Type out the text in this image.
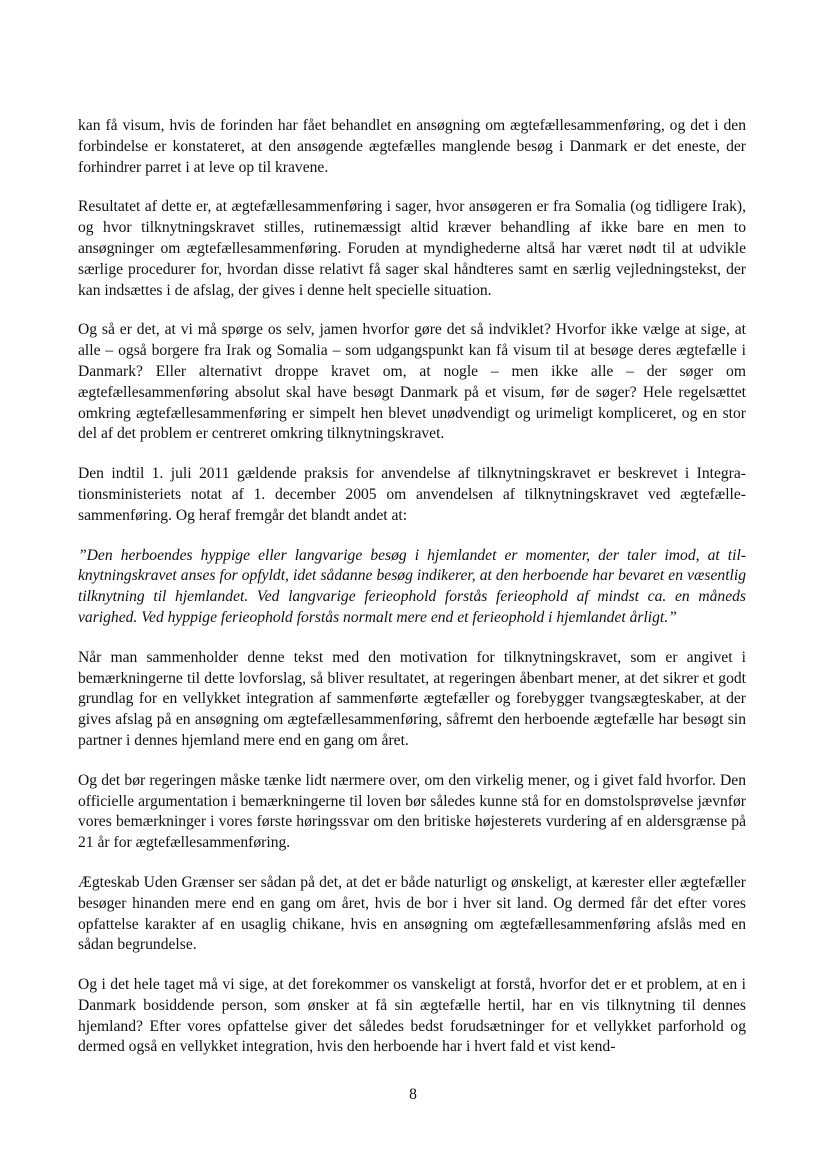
kan få visum, hvis de forinden har fået behandlet en ansøgning om ægtefællesammenføring, og det i den forbindelse er konstateret, at den ansøgende ægtefælles manglende besøg i Danmark er det eneste, der forhindrer parret i at leve op til kravene.

Resultatet af dette er, at ægtefællesammenføring i sager, hvor ansøgeren er fra Somalia (og tidligere Irak), og hvor tilknytningskravet stilles, rutinemæssigt altid kræver behandling af ikke bare en men to ansøgninger om ægtefællesammenføring. Foruden at myndighederne altså har været nødt til at udvikle særlige procedurer for, hvordan disse relativt få sager skal håndteres samt en særlig vejledningstekst, der kan indsættes i de afslag, der gives i denne helt specielle situation.

Og så er det, at vi må spørge os selv, jamen hvorfor gøre det så indviklet? Hvorfor ikke vælge at sige, at alle – også borgere fra Irak og Somalia – som udgangspunkt kan få visum til at besøge deres ægtefælle i Danmark? Eller alternativt droppe kravet om, at nogle – men ikke alle – der søger om ægtefællesammenføring absolut skal have besøgt Danmark på et visum, før de søger? Hele regelsættet omkring ægtefællesammenføring er simpelt hen blevet unødvendigt og urimeligt kompliceret, og en stor del af det problem er centreret omkring tilknytningskravet.

Den indtil 1. juli 2011 gældende praksis for anvendelse af tilknytningskravet er beskrevet i Integrationsministeriets notat af 1. december 2005 om anvendelsen af tilknytningskravet ved ægtefællesammenføring. Og heraf fremgår det blandt andet at:

”Den herboendes hyppige eller langvarige besøg i hjemlandet er momenter, der taler imod, at tilknytningskravet anses for opfyldt, idet sådanne besøg indikerer, at den herboende har bevaret en væsentlig tilknytning til hjemlandet. Ved langvarige ferieophold forstås ferieophold af mindst ca. en måneds varighed. Ved hyppige ferieophold forstås normalt mere end et ferieophold i hjemlandet årligt.”

Når man sammenholder denne tekst med den motivation for tilknytningskravet, som er angivet i bemærkningerne til dette lovforslag, så bliver resultatet, at regeringen åbenbart mener, at det sikrer et godt grundlag for en vellykket integration af sammenførte ægtefæller og forebygger tvangsægteskaber, at der gives afslag på en ansøgning om ægtefællesammenføring, såfremt den herboende ægtefælle har besøgt sin partner i dennes hjemland mere end en gang om året.

Og det bør regeringen måske tænke lidt nærmere over, om den virkelig mener, og i givet fald hvorfor. Den officielle argumentation i bemærkningerne til loven bør således kunne stå for en domstolsprøvelse jævnfør vores bemærkninger i vores første høringssvar om den britiske højesterets vurdering af en aldersgrænse på 21 år for ægtefællesammenføring.

Ægteskab Uden Grænser ser sådan på det, at det er både naturligt og ønskeligt, at kærester eller ægtefæller besøger hinanden mere end en gang om året, hvis de bor i hver sit land. Og dermed får det efter vores opfattelse karakter af en usaglig chikane, hvis en ansøgning om ægtefællesammenføring afslås med en sådan begrundelse.

Og i det hele taget må vi sige, at det forekommer os vanskeligt at forstå, hvorfor det er et problem, at en i Danmark bosiddende person, som ønsker at få sin ægtefælle hertil, har en vis tilknytning til dennes hjemland? Efter vores opfattelse giver det således bedst forudsætninger for et vellykket parforhold og dermed også en vellykket integration, hvis den herboende har i hvert fald et vist kend-

8
